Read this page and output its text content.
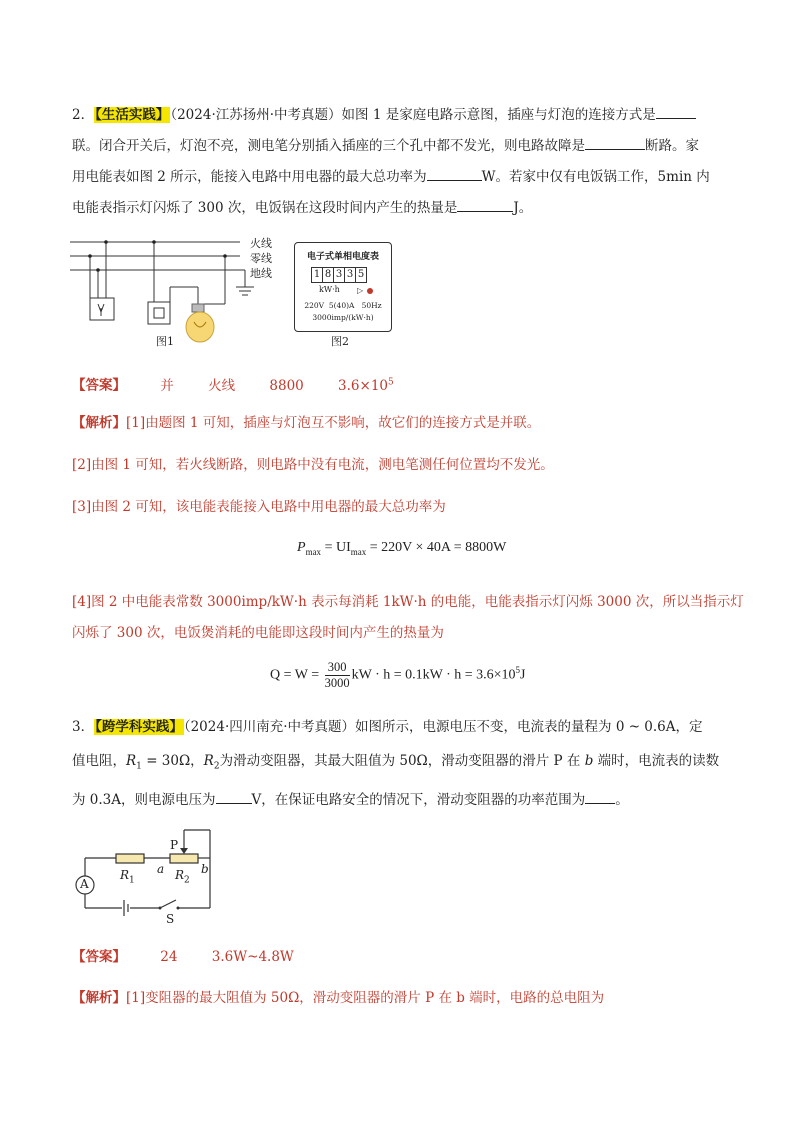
2．【生活实践】（2024·江苏扬州·中考真题）如图 1 是家庭电路示意图，插座与灯泡的连接方式是
联。闭合开关后，灯泡不亮，测电笔分别插入插座的三个孔中都不发光，则电路故障是	断路。家
用电能表如图 2 所示，能接入电路中用电器的最大总功率为	W。若家中仅有电饭锅工作，5min 内
电能表指示灯闪烁了 300 次，电饭锅在这段时间内产生的热量是	J。
火线
零线
地线
图1
电子式单相电度表
1 8 3 3 5
kW·h ▷
220V  5(40)A   50Hz
3000imp/(kW·h)
图2
【答案】	并	火线	8800	$3.6\times 10^5$
【解析】[1]由题图 1 可知，插座与灯泡互不影响，故它们的连接方式是并联。
[2]由图 1 可知，若火线断路，则电路中没有电流，测电笔测任何位置均不发光。
[3]由图 2 可知，该电能表能接入电路中用电器的最大总功率为
$P_{max} = UI_{max} = 220V \times 40A = 8800W$
[4]图 2 中电能表常数 3000imp/kW·h 表示每消耗 1kW·h 的电能，电能表指示灯闪烁 3000 次，所以当指示灯
闪烁了 300 次，电饭煲消耗的电能即这段时间内产生的热量为
$Q = W = \frac{300}{3000}$ kW · $h = 0.1kW \cdot h = 3.6\times 10^5J$
3．【跨学科实践】（2024·四川南充·中考真题）如图所示，电源电压不变，电流表的量程为 0 ~ 0.6A，定
值电阻，$R_1 = 30\Omega$，$R_2$为滑动变阻器，其最大阻值为 50Ω，滑动变阻器的滑片 P 在 b 端时，电流表的读数
为 0.3A，则电源电压为	V，在保证电路安全的情况下，滑动变阻器的功率范围为 。
A
$R_1$
a $R_2$
b
P
S
【答案】	24	3.6W~4.8W
【解析】[1]变阻器的最大阻值为 50Ω，滑动变阻器的滑片 P 在 b 端时，电路的总电阻为
